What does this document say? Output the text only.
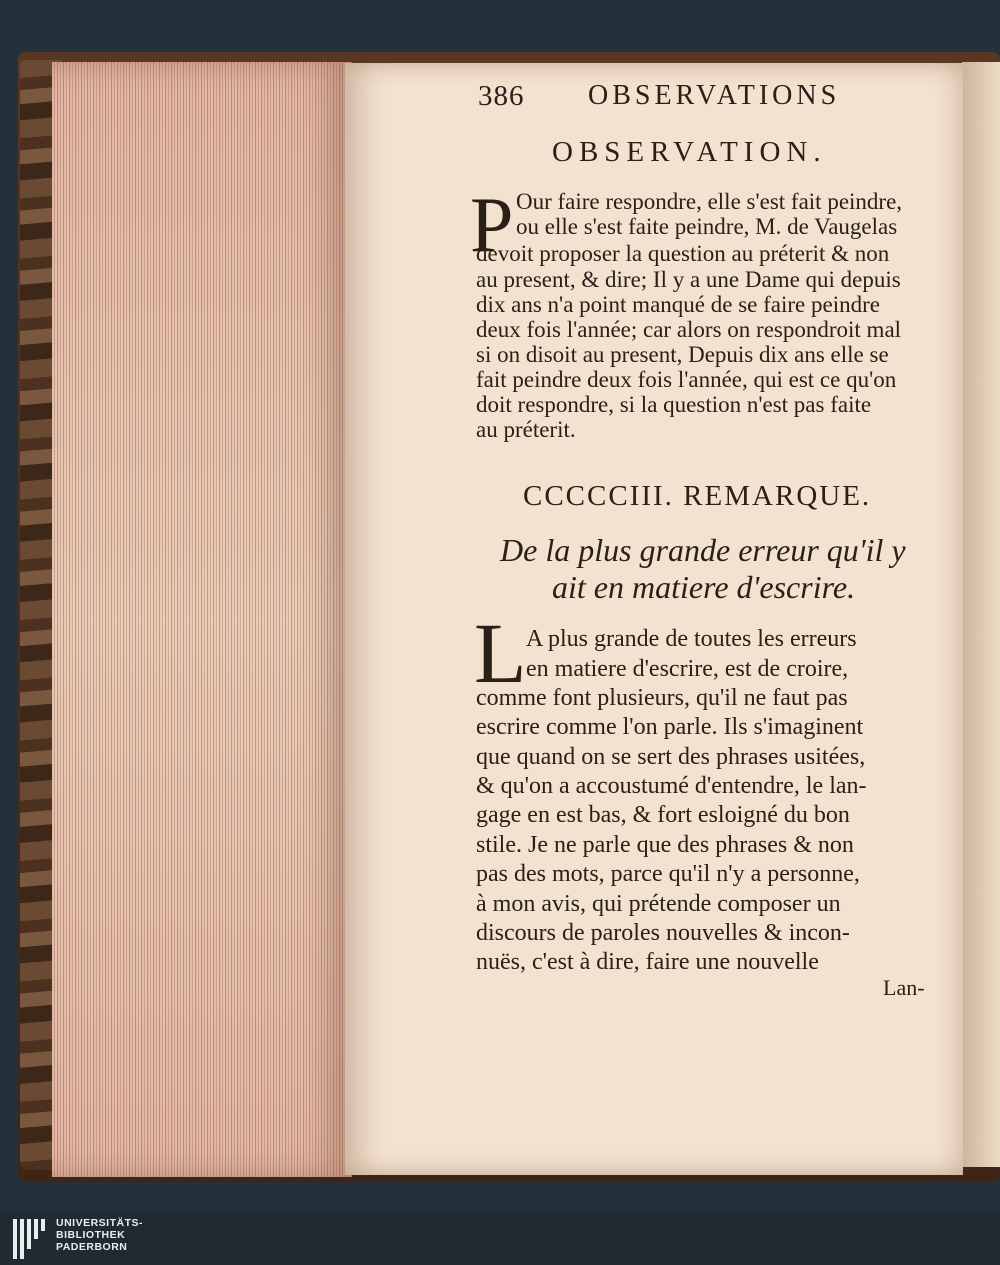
386 OBSERVATIONS
OBSERVATION.
P Our faire respondre, elle s'est fait peindre,
ou elle s'est faite peindre, M. de Vaugelas
devoit proposer la question au préterit & non
au present, & dire; Il y a une Dame qui depuis
dix ans n'a point manqué de se faire peindre
deux fois l'année; car alors on respondroit mal
si on disoit au present, Depuis dix ans elle se
fait peindre deux fois l'année, qui est ce qu'on
doit respondre, si la question n'est pas faite
au préterit.
CCCCCIII. REMARQUE.
De la plus grande erreur qu'il y
ait en matiere d'escrire.
L A plus grande de toutes les erreurs
en matiere d'escrire, est de croire,
comme font plusieurs, qu'il ne faut pas
escrire comme l'on parle. Ils s'imaginent
que quand on se sert des phrases usitées,
& qu'on a accoustumé d'entendre, le lan-
gage en est bas, & fort esloigné du bon
stile. Je ne parle que des phrases & non
pas des mots, parce qu'il n'y a personne,
à mon avis, qui prétende composer un
discours de paroles nouvelles & incon-
nuës, c'est à dire, faire une nouvelle
Lan-
UNIVERSITÄTS-
BIBLIOTHEK
PADERBORN
